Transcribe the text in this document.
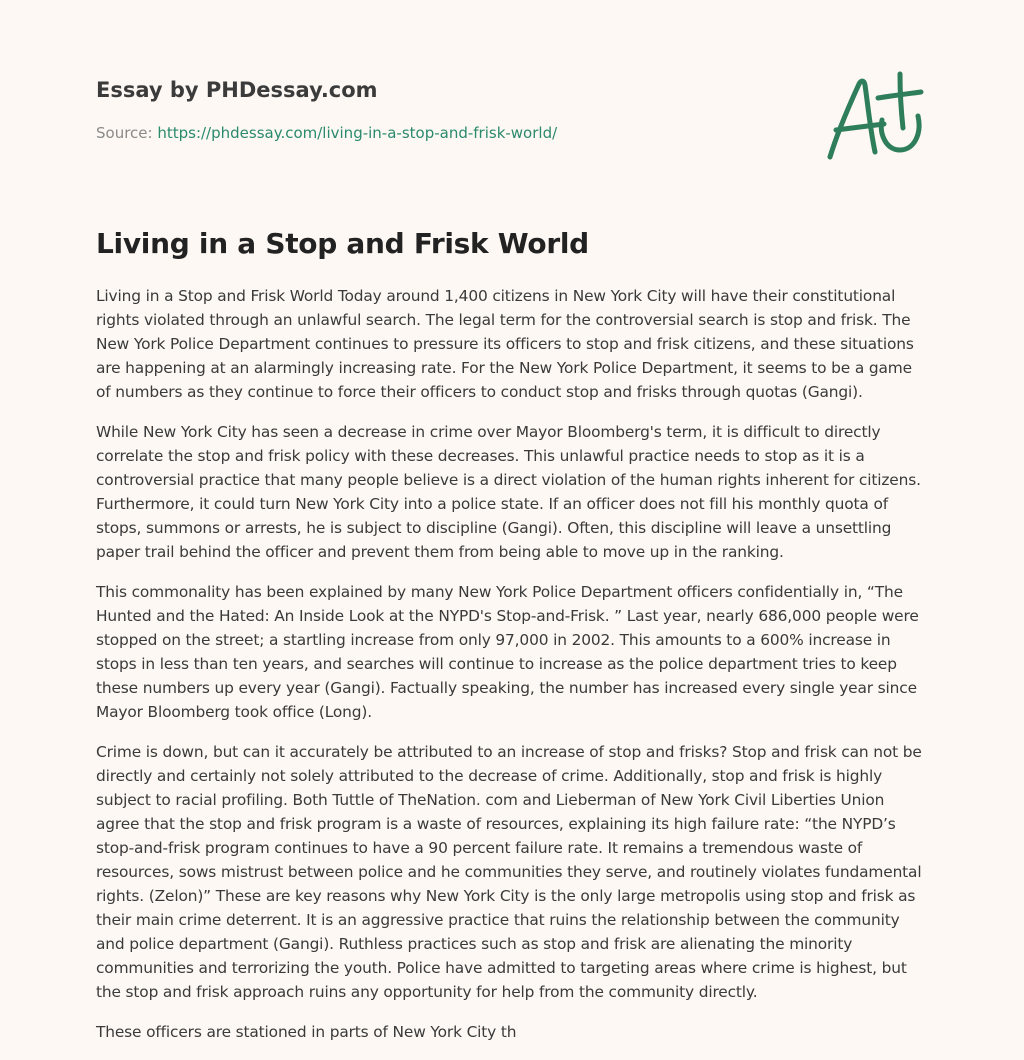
Essay by PHDessay.com
Source: https://phdessay.com/living-in-a-stop-and-frisk-world/
Living in a Stop and Frisk World

Living in a Stop and Frisk World Today around 1,400 citizens in New York City will have their constitutional rights violated through an unlawful search. The legal term for the controversial search is stop and frisk. The New York Police Department continues to pressure its officers to stop and frisk citizens, and these situations are happening at an alarmingly increasing rate. For the New York Police Department, it seems to be a game of numbers as they continue to force their officers to conduct stop and frisks through quotas (Gangi).

While New York City has seen a decrease in crime over Mayor Bloomberg's term, it is difficult to directly correlate the stop and frisk policy with these decreases. This unlawful practice needs to stop as it is a controversial practice that many people believe is a direct violation of the human rights inherent for citizens. Furthermore, it could turn New York City into a police state. If an officer does not fill his monthly quota of stops, summons or arrests, he is subject to discipline (Gangi). Often, this discipline will leave a unsettling paper trail behind the officer and prevent them from being able to move up in the ranking.

This commonality has been explained by many New York Police Department officers confidentially in, “The Hunted and the Hated: An Inside Look at the NYPD's Stop-and-Frisk. ” Last year, nearly 686,000 people were stopped on the street; a startling increase from only 97,000 in 2002. This amounts to a 600% increase in stops in less than ten years, and searches will continue to increase as the police department tries to keep these numbers up every year (Gangi). Factually speaking, the number has increased every single year since Mayor Bloomberg took office (Long).

Crime is down, but can it accurately be attributed to an increase of stop and frisks? Stop and frisk can not be directly and certainly not solely attributed to the decrease of crime. Additionally, stop and frisk is highly subject to racial profiling. Both Tuttle of TheNation. com and Lieberman of New York Civil Liberties Union agree that the stop and frisk program is a waste of resources, explaining its high failure rate: “the NYPD’s stop-and-frisk program continues to have a 90 percent failure rate. It remains a tremendous waste of resources, sows mistrust between police and he communities they serve, and routinely violates fundamental rights. (Zelon)” These are key reasons why New York City is the only large metropolis using stop and frisk as their main crime deterrent. It is an aggressive practice that ruins the relationship between the community and police department (Gangi). Ruthless practices such as stop and frisk are alienating the minority communities and terrorizing the youth. Police have admitted to targeting areas where crime is highest, but the stop and frisk approach ruins any opportunity for help from the community directly.

These officers are stationed in parts of New York City th
